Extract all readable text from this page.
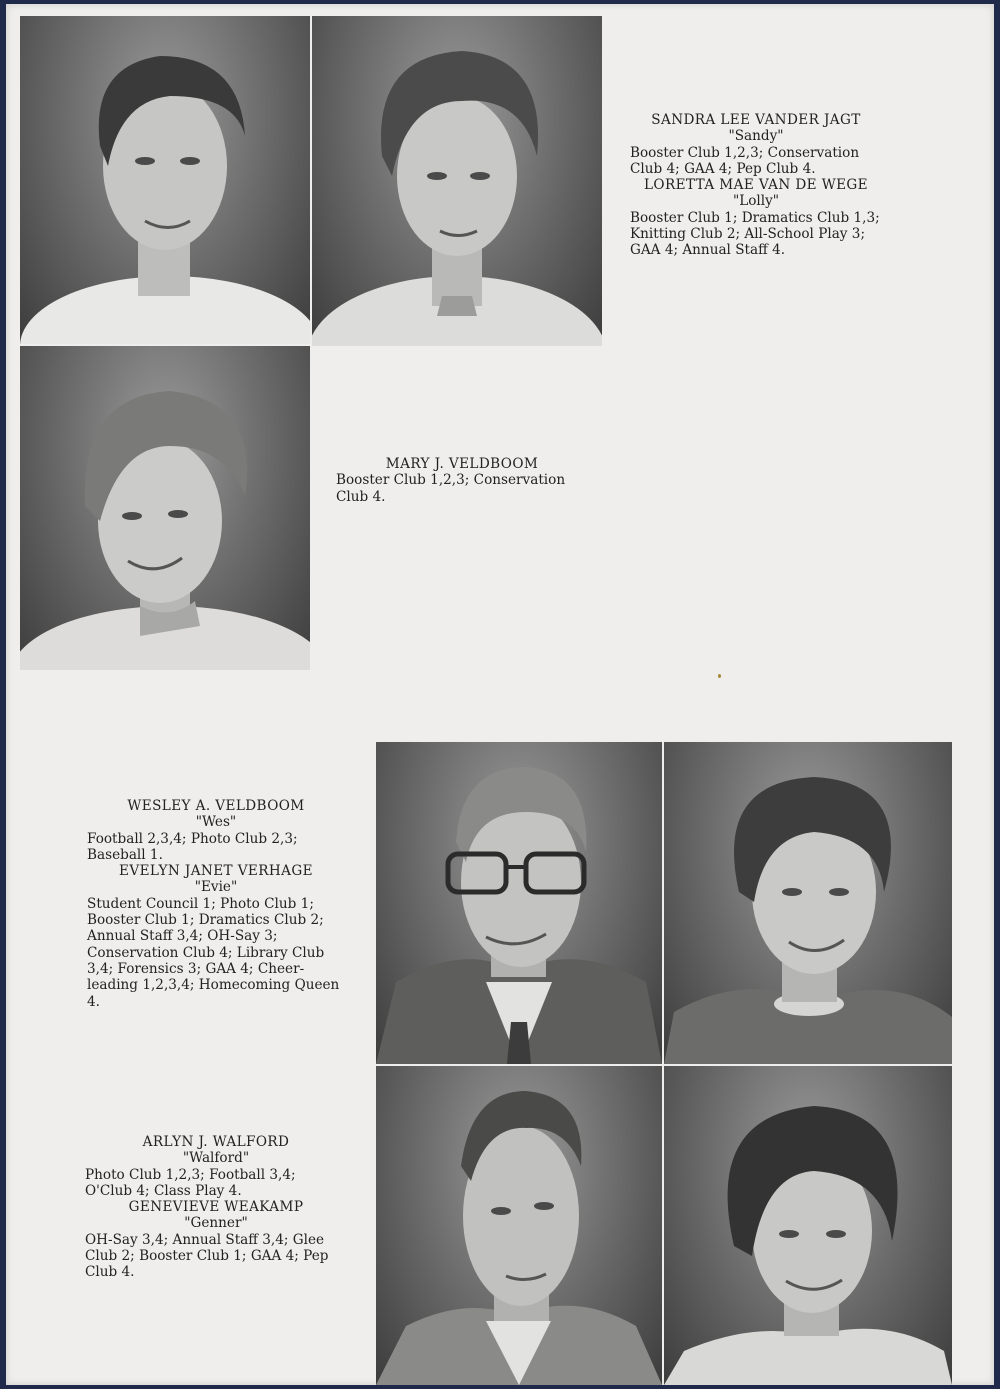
SANDRA LEE VANDER JAGT
"Sandy"
Booster Club 1,2,3; Conservation Club 4; GAA 4; Pep Club 4.
LORETTA MAE VAN DE WEGE
"Lolly"
Booster Club 1; Dramatics Club 1,3; Knitting Club 2; All-School Play 3; GAA 4; Annual Staff 4.
MARY J. VELDBOOM
Booster Club 1,2,3; Conservation Club 4.
WESLEY A. VELDBOOM
"Wes"
Football 2,3,4; Photo Club 2,3; Baseball 1.
EVELYN JANET VERHAGE
"Evie"
Student Council 1; Photo Club 1; Booster Club 1; Dramatics Club 2; Annual Staff 3,4; OH-Say 3; Conservation Club 4; Library Club 3,4; Forensics 3; GAA 4; Cheer-leading 1,2,3,4; Homecoming Queen 4.
ARLYN J. WALFORD
"Walford"
Photo Club 1,2,3; Football 3,4; O'Club 4; Class Play 4.
GENEVIEVE WEAKAMP
"Genner"
OH-Say 3,4; Annual Staff 3,4; Glee Club 2; Booster Club 1; GAA 4; Pep Club 4.
